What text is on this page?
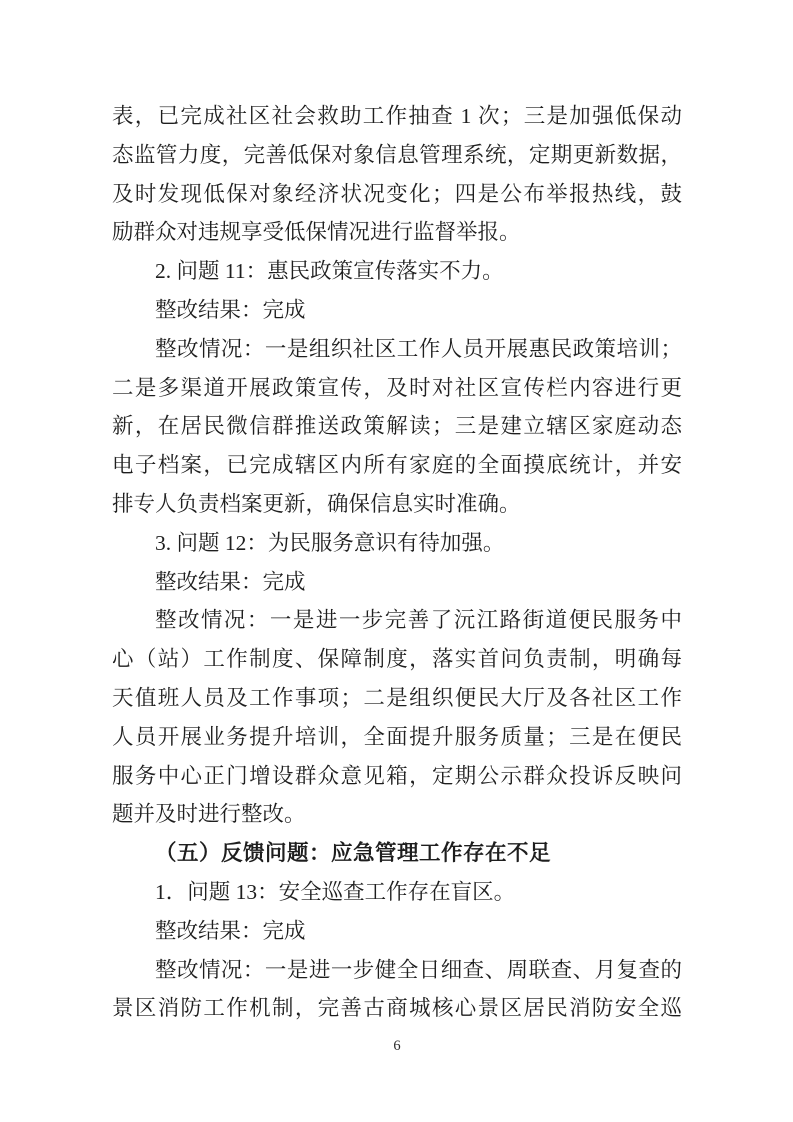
表，已完成社区社会救助工作抽查 1 次；三是加强低保动
态监管力度，完善低保对象信息管理系统，定期更新数据，
及时发现低保对象经济状况变化；四是公布举报热线，鼓
励群众对违规享受低保情况进行监督举报。
2. 问题 11：惠民政策宣传落实不力。
整改结果：完成
整改情况：一是组织社区工作人员开展惠民政策培训；
二是多渠道开展政策宣传，及时对社区宣传栏内容进行更
新，在居民微信群推送政策解读；三是建立辖区家庭动态
电子档案，已完成辖区内所有家庭的全面摸底统计，并安
排专人负责档案更新，确保信息实时准确。
3. 问题 12：为民服务意识有待加强。
整改结果：完成
整改情况：一是进一步完善了沅江路街道便民服务中
心（站）工作制度、保障制度，落实首问负责制，明确每
天值班人员及工作事项；二是组织便民大厅及各社区工作
人员开展业务提升培训，全面提升服务质量；三是在便民
服务中心正门增设群众意见箱，定期公示群众投诉反映问
题并及时进行整改。
（五）反馈问题：应急管理工作存在不足
1．问题 13：安全巡查工作存在盲区。
整改结果：完成
整改情况：一是进一步健全日细查、周联查、月复查的
景区消防工作机制，完善古商城核心景区居民消防安全巡
6
